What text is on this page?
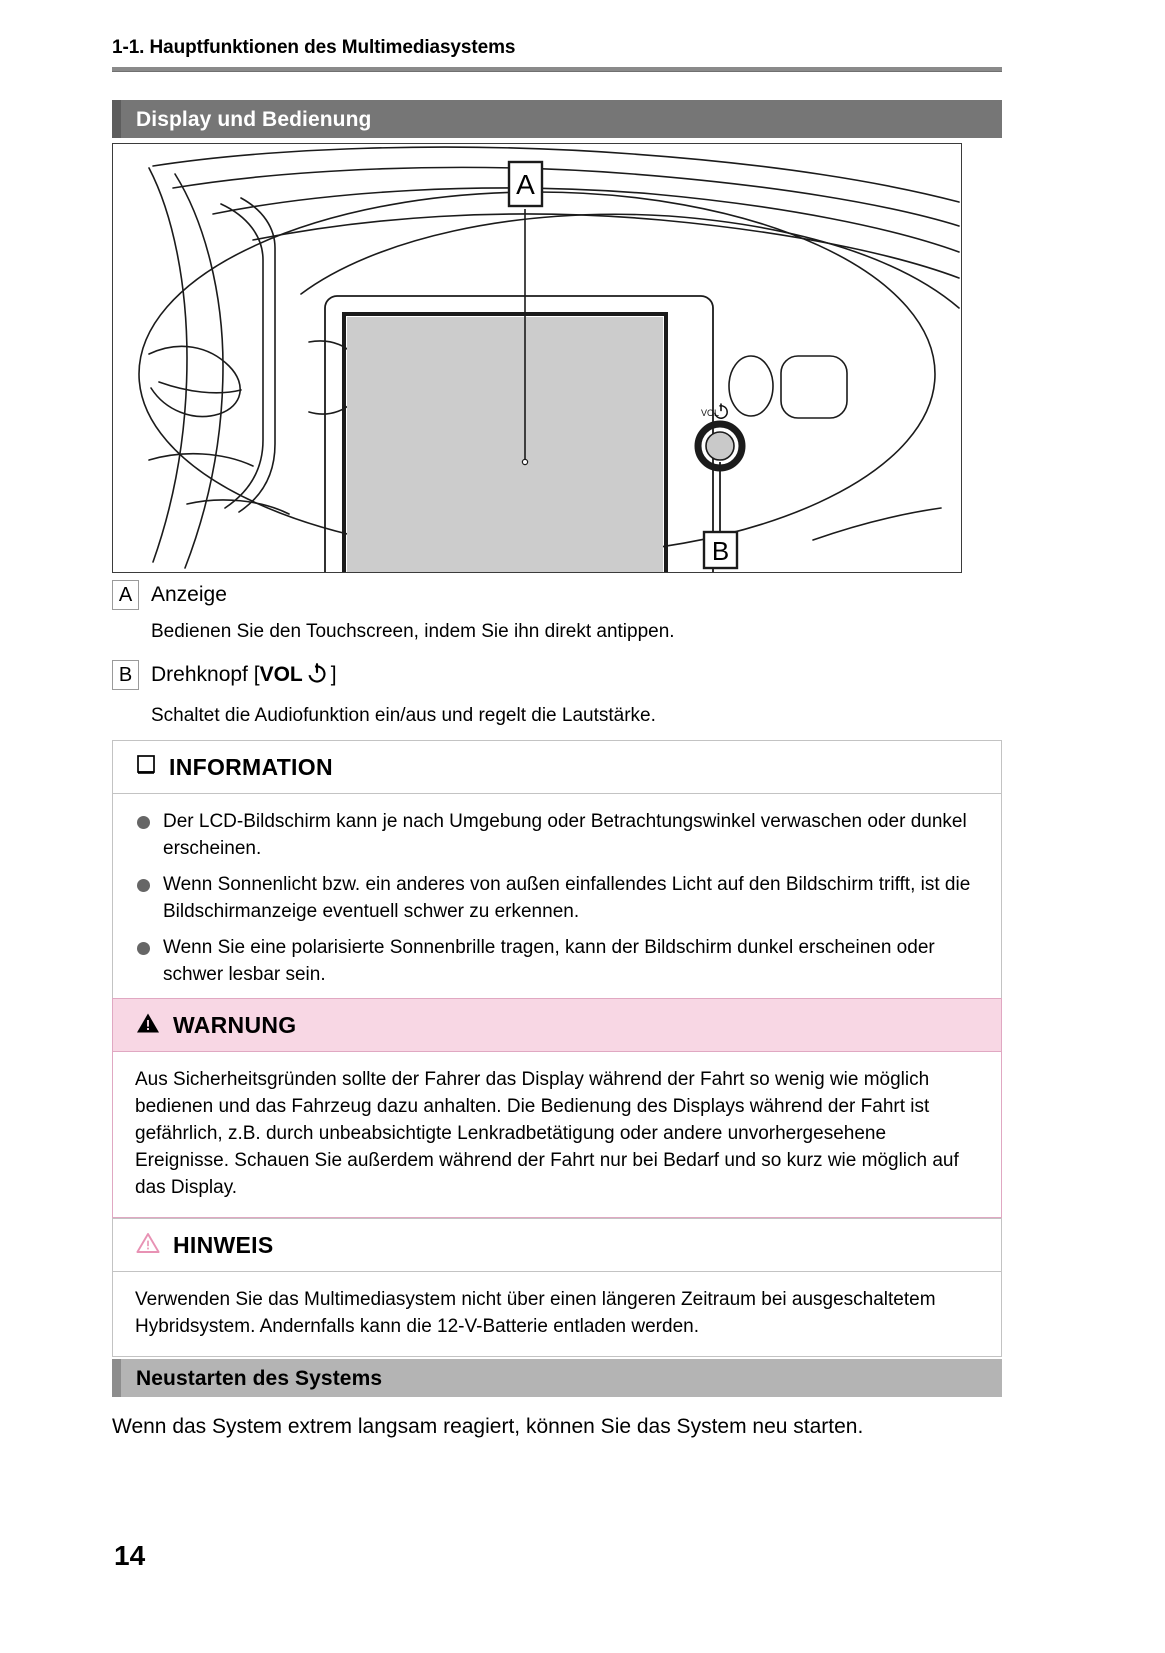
1-1. Hauptfunktionen des Multimediasystems
Display und Bedienung
VOL
A
B
A Anzeige
Bedienen Sie den Touchscreen, indem Sie ihn direkt antippen.
B Drehknopf [VOL ]
Schaltet die Audiofunktion ein/aus und regelt die Lautstärke.
INFORMATION
Der LCD-Bildschirm kann je nach Umgebung oder Betrachtungswinkel verwaschen oder dunkel erscheinen.
Wenn Sonnenlicht bzw. ein anderes von außen einfallendes Licht auf den Bildschirm trifft, ist die Bildschirmanzeige eventuell schwer zu erkennen.
Wenn Sie eine polarisierte Sonnenbrille tragen, kann der Bildschirm dunkel erscheinen oder schwer lesbar sein.
WARNUNG

Aus Sicherheitsgründen sollte der Fahrer das Display während der Fahrt so wenig wie möglich bedienen und das Fahrzeug dazu anhalten. Die Bedienung des Displays während der Fahrt ist gefährlich, z.B. durch unbeabsichtigte Lenkradbetätigung oder andere unvorhergesehene Ereignisse. Schauen Sie außerdem während der Fahrt nur bei Bedarf und so kurz wie möglich auf das Display.

HINWEIS

Verwenden Sie das Multimediasystem nicht über einen längeren Zeitraum bei ausgeschaltetem Hybridsystem. Andernfalls kann die 12-V-Batterie entladen werden.

Neustarten des Systems
Wenn das System extrem langsam reagiert, können Sie das System neu starten.
14
